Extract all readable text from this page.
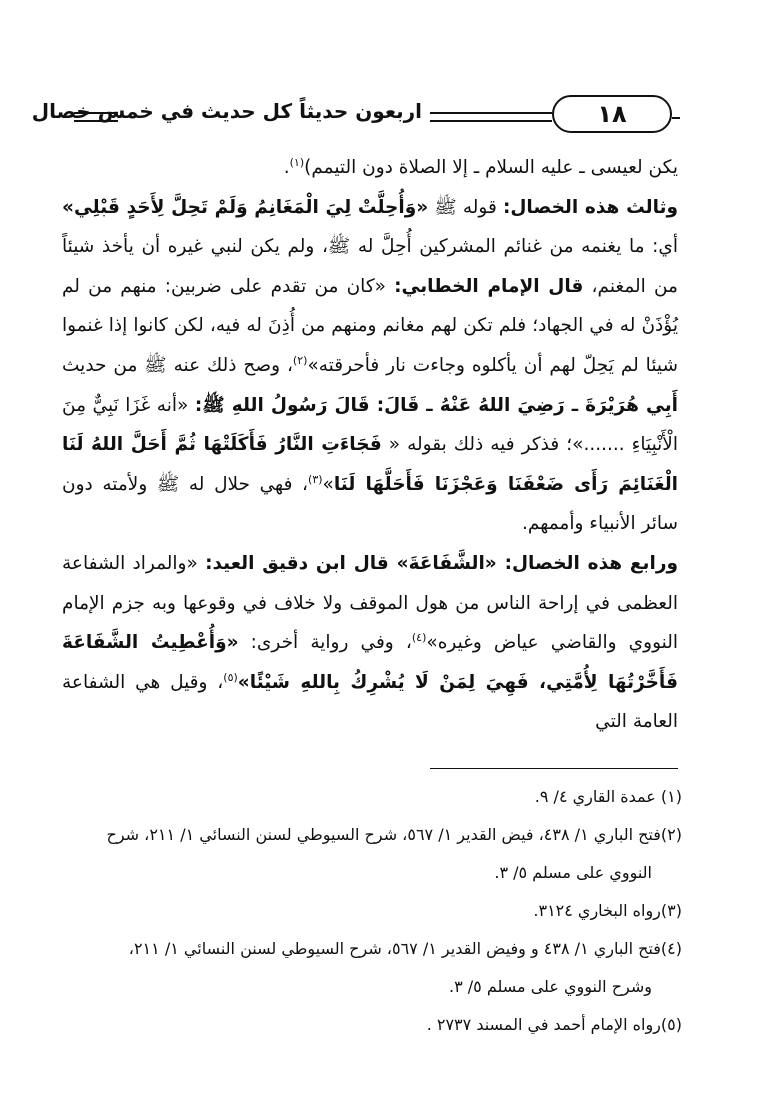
اربعون حديثاً كل حديث في خمس خصال	١٨

يكن لعيسى ـ عليه السلام ـ إلا الصلاة دون التيمم)$^{(١)}$.

وثالث هذه الخصال: قوله ﷺ «وَأُحِلَّتْ لِيَ الْمَغَانِمُ وَلَمْ تَحِلَّ لِأَحَدٍ قَبْلِي» أي: ما يغنمه من غنائم المشركين أُحِلَّ له ﷺ، ولم يكن لنبي غيره أن يأخذ شيئاً من المغنم، قال الإمام الخطابي: «كان من تقدم على ضربين: منهم من لم يُؤْذَنْ له في الجهاد؛ فلم تكن لهم مغانم ومنهم من أُذِنَ له فيه، لكن كانوا إذا غنموا شيئا لم يَحِلّ لهم أن يأكلوه وجاءت نار فأحرقته»$^{(٢)}$، وصح ذلك عنه ﷺ من حديث أَبِي هُرَيْرَةَ ـ رَضِيَ اللهُ عَنْهُ ـ قَالَ: قَالَ رَسُولُ اللهِ ﷺ: «أنه غَزَا نَبِيٌّ مِنَ الْأَنْبِيَاءِ .......»؛ فذكر فيه ذلك بقوله « فَجَاءَتِ النَّارُ فَأَكَلَتْهَا ثُمَّ أَحَلَّ اللهُ لَنَا الْغَنَائِمَ رَأَى ضَعْفَنَا وَعَجْزَنَا فَأَحَلَّهَا لَنَا»$^{(٣)}$، فهي حلال له ﷺ ولأمته دون سائر الأنبياء وأممهم.

ورابع هذه الخصال: «الشَّفَاعَةَ» قال ابن دقيق العيد: «والمراد الشفاعة العظمى في إراحة الناس من هول الموقف ولا خلاف في وقوعها وبه جزم الإمام النووي والقاضي عياض وغيره»$^{(٤)}$، وفي رواية أخرى: «وَأُعْطِيتُ الشَّفَاعَةَ فَأَخَّرْتُهَا لِأُمَّتِي، فَهِيَ لِمَنْ لَا يُشْرِكُ بِاللهِ شَيْئًا»$^{(٥)}$، وقيل هي الشفاعة العامة التي

(١) عمدة القاري ٤/ ٩.

(٢)فتح الباري ١/ ٤٣٨، فيض القدير ١/ ٥٦٧، شرح السيوطي لسنن النسائي ١/ ٢١١، شرح

النووي على مسلم ٥/ ٣.

(٣)رواه البخاري ٣١٢٤.

(٤)فتح الباري ١/ ٤٣٨ و وفيض القدير ١/ ٥٦٧، شرح السيوطي لسنن النسائي ١/ ٢١١،

وشرح النووي على مسلم ٥/ ٣.

(٥)رواه الإمام أحمد في المسند ٢٧٣٧ .
